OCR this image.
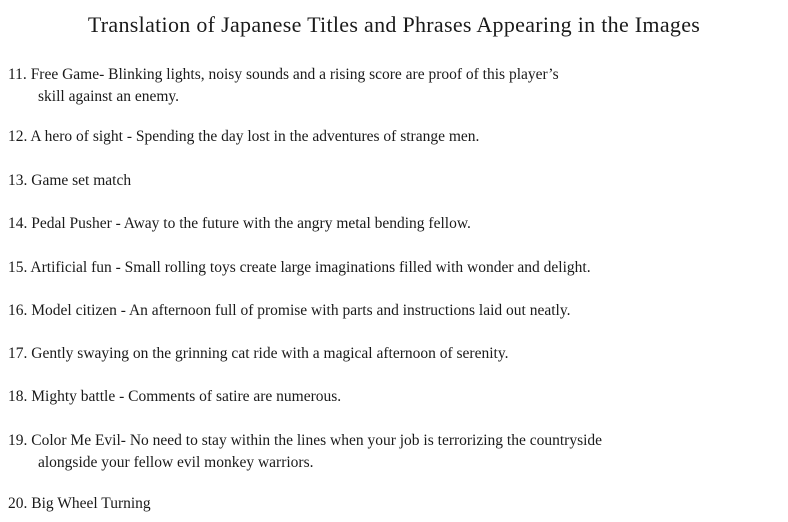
Translation of Japanese Titles and Phrases Appearing in the Images
11. Free Game- Blinking lights, noisy sounds and a rising score are proof of this player’s
skill against an enemy.
12. A hero of sight - Spending the day lost in the adventures of strange men.
13. Game set match
14. Pedal Pusher - Away to the future with the angry metal bending fellow.
15. Artificial fun - Small rolling toys create large imaginations filled with wonder and delight.
16. Model citizen - An afternoon full of promise with parts and instructions laid out neatly.
17. Gently swaying on the grinning cat ride with a magical afternoon of serenity.
18. Mighty battle - Comments of satire are numerous.
19. Color Me Evil- No need to stay within the lines when your job is terrorizing the countryside
alongside your fellow evil monkey warriors.
20. Big Wheel Turning
